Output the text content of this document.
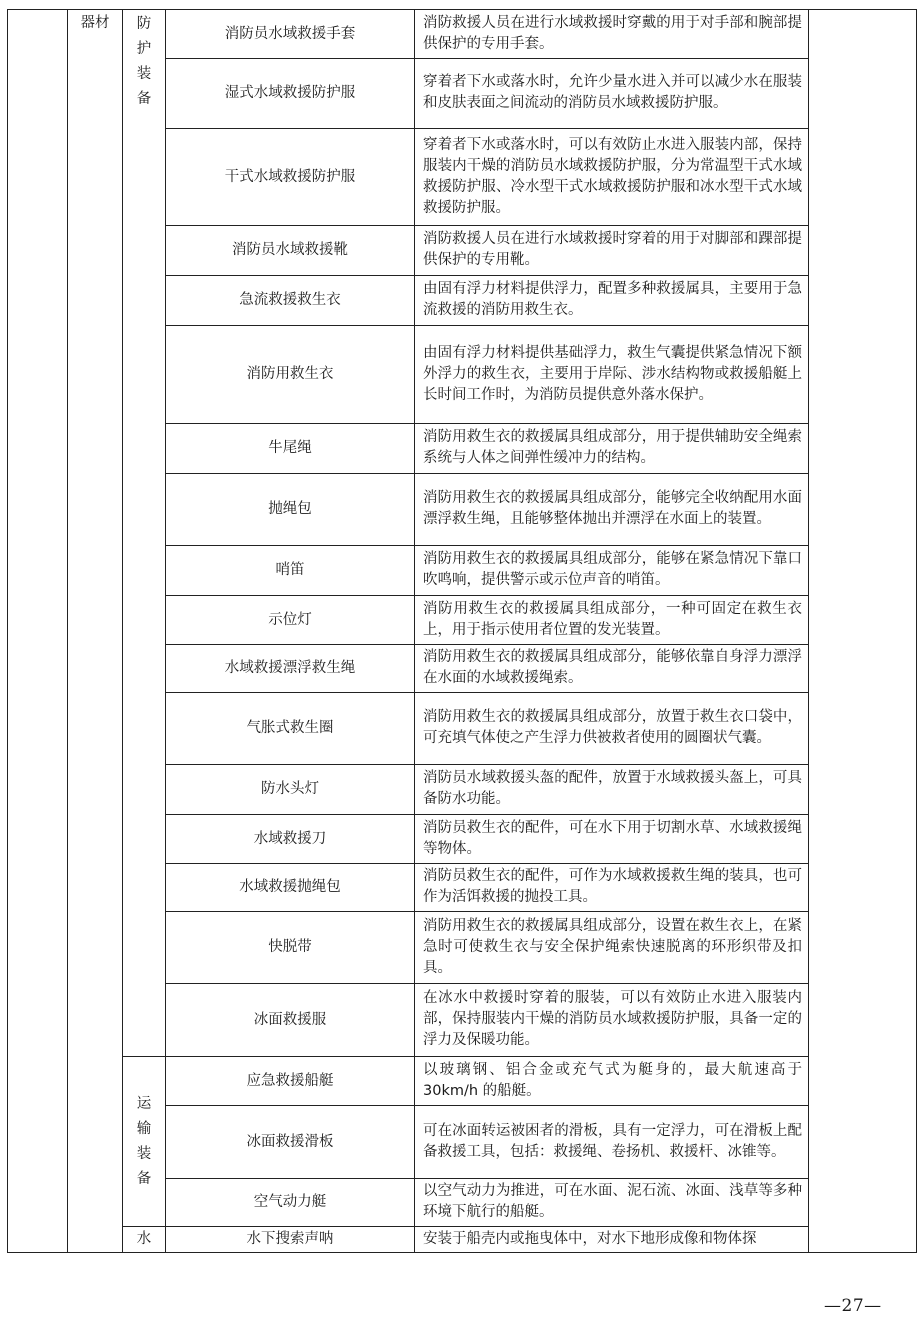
	器材	防护装备	消防员水域救援手套	消防救援人员在进行水域救援时穿戴的用于对手部和腕部提供保护的专用手套。	
			湿式水域救援防护服	穿着者下水或落水时，允许少量水进入并可以减少水在服装和皮肤表面之间流动的消防员水域救援防护服。	
			干式水域救援防护服	穿着者下水或落水时，可以有效防止水进入服装内部，保持服装内干燥的消防员水域救援防护服，分为常温型干式水域救援防护服、冷水型干式水域救援防护服和冰水型干式水域救援防护服。	
			消防员水域救援靴	消防救援人员在进行水域救援时穿着的用于对脚部和踝部提供保护的专用靴。	
			急流救援救生衣	由固有浮力材料提供浮力，配置多种救援属具，主要用于急流救援的消防用救生衣。	
			消防用救生衣	由固有浮力材料提供基础浮力，救生气囊提供紧急情况下额外浮力的救生衣，主要用于岸际、涉水结构物或救援船艇上长时间工作时，为消防员提供意外落水保护。	
			牛尾绳	消防用救生衣的救援属具组成部分，用于提供辅助安全绳索系统与人体之间弹性缓冲力的结构。	
			抛绳包	消防用救生衣的救援属具组成部分，能够完全收纳配用水面漂浮救生绳，且能够整体抛出并漂浮在水面上的装置。	
			哨笛	消防用救生衣的救援属具组成部分，能够在紧急情况下靠口吹鸣响，提供警示或示位声音的哨笛。	
			示位灯	消防用救生衣的救援属具组成部分，一种可固定在救生衣上，用于指示使用者位置的发光装置。	
			水域救援漂浮救生绳	消防用救生衣的救援属具组成部分，能够依靠自身浮力漂浮在水面的水域救援绳索。	
			气胀式救生圈	消防用救生衣的救援属具组成部分，放置于救生衣口袋中，可充填气体使之产生浮力供被救者使用的圆圈状气囊。	
			防水头灯	消防员水域救援头盔的配件，放置于水域救援头盔上，可具备防水功能。	
			水域救援刀	消防员救生衣的配件，可在水下用于切割水草、水域救援绳等物体。	
			水域救援抛绳包	消防员救生衣的配件，可作为水域救援救生绳的装具，也可作为活饵救援的抛投工具。	
			快脱带	消防用救生衣的救援属具组成部分，设置在救生衣上，在紧急时可使救生衣与安全保护绳索快速脱离的环形织带及扣具。	
			冰面救援服	在冰水中救援时穿着的服装，可以有效防止水进入服装内部，保持服装内干燥的消防员水域救援防护服，具备一定的浮力及保暖功能。	

		运输装备	应急救援船艇	以玻璃钢、铝合金或充气式为艇身的，最大航速高于30km/h 的船艇。	
			冰面救援滑板	可在冰面转运被困者的滑板，具有一定浮力，可在滑板上配备救援工具，包括：救援绳、卷扬机、救援杆、冰锥等。	
			空气动力艇	以空气动力为推进，可在水面、泥石流、冰面、浅草等多种环境下航行的船艇。	

		水	水下搜索声呐	安装于船壳内或拖曳体中，对水下地形成像和物体探	
—27—
